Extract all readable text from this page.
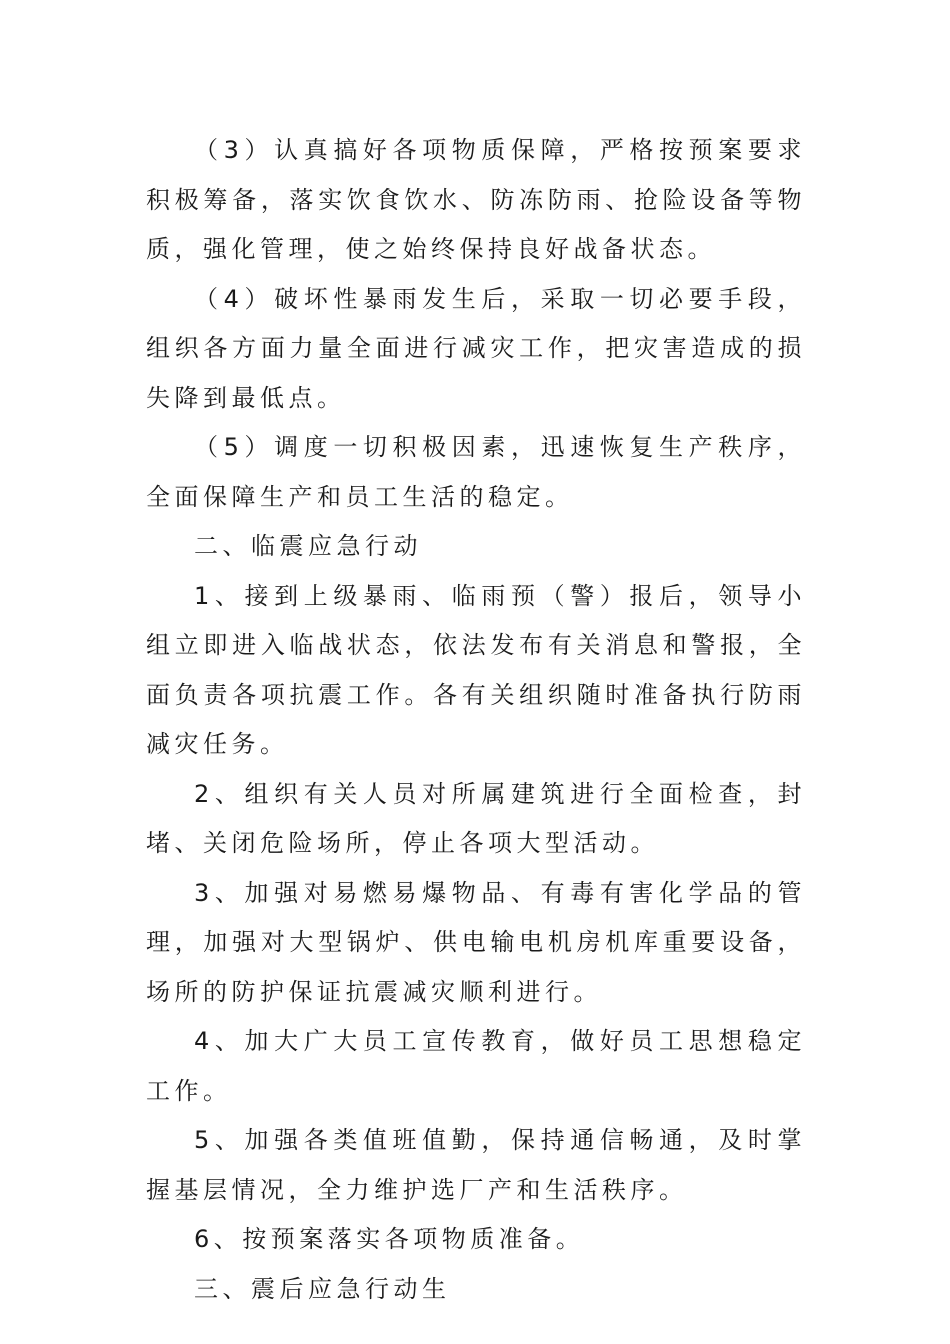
（3）认真搞好各项物质保障，严格按预案要求积极筹备，落实饮食饮水、防冻防雨、抢险设备等物质，强化管理，使之始终保持良好战备状态。

（4）破坏性暴雨发生后，采取一切必要手段，组织各方面力量全面进行减灾工作，把灾害造成的损失降到最低点。

（5）调度一切积极因素，迅速恢复生产秩序，全面保障生产和员工生活的稳定。

二、临震应急行动

1、接到上级暴雨、临雨预（警）报后，领导小组立即进入临战状态，依法发布有关消息和警报，全面负责各项抗震工作。各有关组织随时准备执行防雨减灾任务。

2、组织有关人员对所属建筑进行全面检查，封堵、关闭危险场所，停止各项大型活动。

3、加强对易燃易爆物品、有毒有害化学品的管理，加强对大型锅炉、供电输电机房机库重要设备，场所的防护保证抗震减灾顺利进行。

4、加大广大员工宣传教育，做好员工思想稳定工作。

5、加强各类值班值勤，保持通信畅通，及时掌握基层情况，全力维护选厂产和生活秩序。

6、按预案落实各项物质准备。

三、震后应急行动生
